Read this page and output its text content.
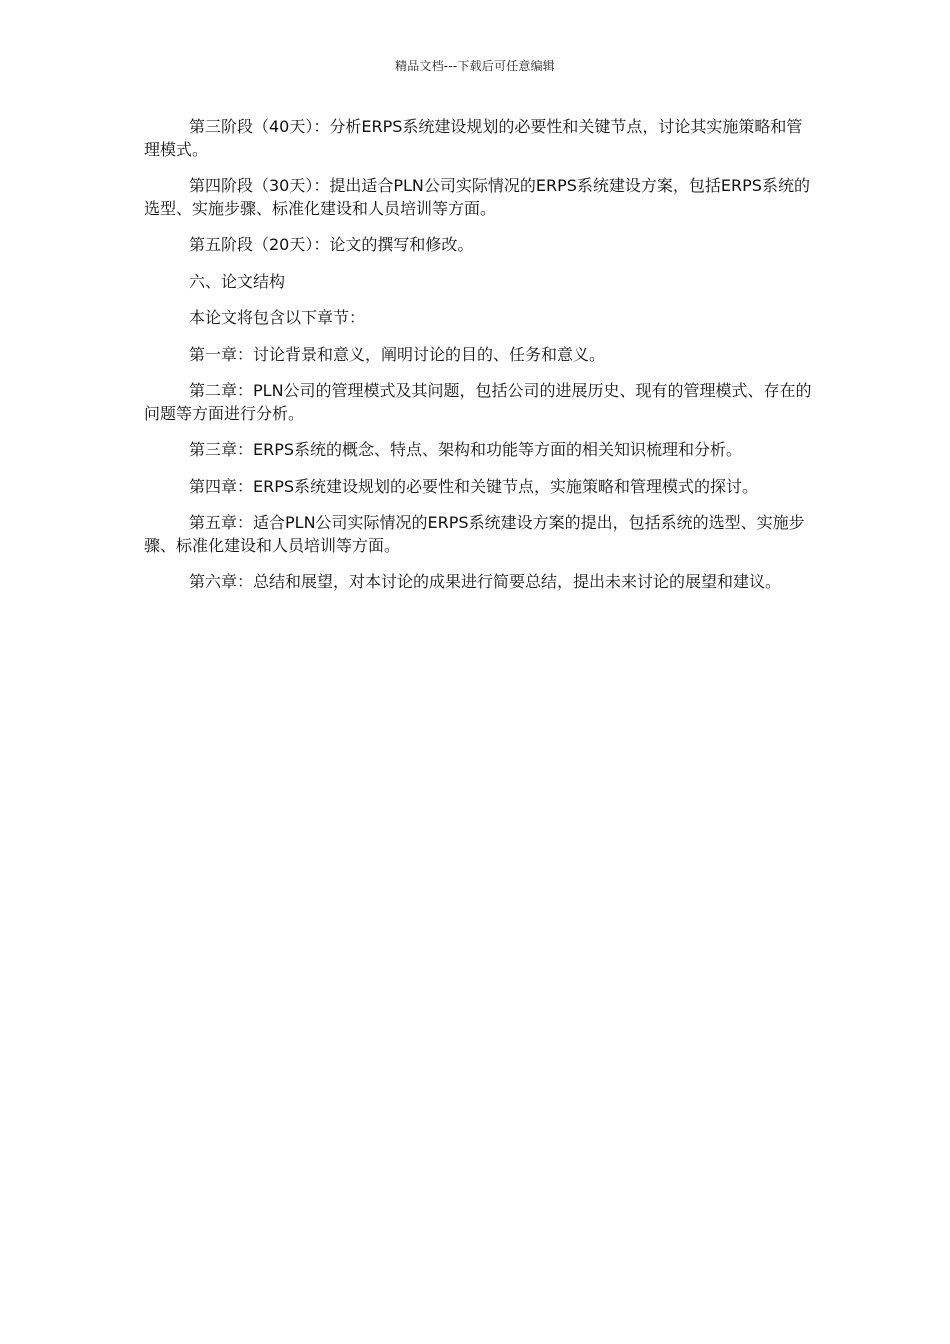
精品文档---下载后可任意编辑

第三阶段（40天）：分析ERPS系统建设规划的必要性和关键节点，讨论其实施策略和管理模式。

第四阶段（30天）：提出适合PLN公司实际情况的ERPS系统建设方案，包括ERPS系统的选型、实施步骤、标准化建设和人员培训等方面。

第五阶段（20天）：论文的撰写和修改。

六、论文结构

本论文将包含以下章节：

第一章：讨论背景和意义，阐明讨论的目的、任务和意义。

第二章：PLN公司的管理模式及其问题，包括公司的进展历史、现有的管理模式、存在的问题等方面进行分析。

第三章：ERPS系统的概念、特点、架构和功能等方面的相关知识梳理和分析。

第四章：ERPS系统建设规划的必要性和关键节点，实施策略和管理模式的探讨。

第五章：适合PLN公司实际情况的ERPS系统建设方案的提出，包括系统的选型、实施步骤、标准化建设和人员培训等方面。

第六章：总结和展望，对本讨论的成果进行简要总结，提出未来讨论的展望和建议。
